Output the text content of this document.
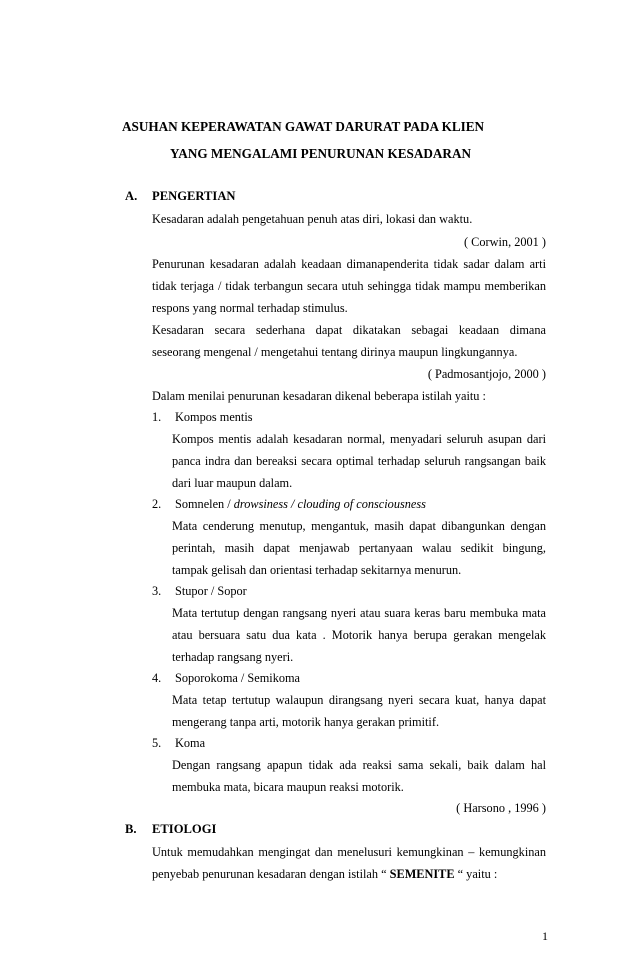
ASUHAN KEPERAWATAN GAWAT DARURAT PADA KLIEN
YANG MENGALAMI PENURUNAN KESADARAN
A. PENGERTIAN
Kesadaran adalah pengetahuan penuh atas diri, lokasi dan waktu.
( Corwin, 2001 )
Penurunan kesadaran adalah keadaan dimanapenderita tidak sadar dalam arti
tidak terjaga / tidak terbangun secara utuh sehingga tidak mampu memberikan
respons yang normal terhadap stimulus.
Kesadaran secara sederhana dapat dikatakan sebagai keadaan dimana
seseorang mengenal / mengetahui tentang dirinya maupun lingkungannya.
( Padmosantjojo, 2000 )
Dalam menilai penurunan kesadaran dikenal beberapa istilah yaitu :
1. Kompos mentis
Kompos mentis adalah kesadaran normal, menyadari seluruh asupan dari
panca indra dan bereaksi secara optimal terhadap seluruh rangsangan baik
dari luar maupun dalam.
2. Somnelen / drowsiness / clouding of consciousness
Mata cenderung menutup, mengantuk, masih dapat dibangunkan dengan
perintah, masih dapat menjawab pertanyaan walau sedikit bingung,
tampak gelisah dan orientasi terhadap sekitarnya menurun.
3. Stupor / Sopor
Mata tertutup dengan rangsang nyeri atau suara keras baru membuka mata
atau bersuara satu dua kata . Motorik hanya berupa gerakan mengelak
terhadap rangsang nyeri.
4. Soporokoma / Semikoma
Mata tetap tertutup walaupun dirangsang nyeri secara kuat, hanya dapat
mengerang tanpa arti, motorik hanya gerakan primitif.
5. Koma
Dengan rangsang apapun tidak ada reaksi sama sekali, baik dalam hal
membuka mata, bicara maupun reaksi motorik.
( Harsono , 1996 )
B. ETIOLOGI
Untuk memudahkan mengingat dan menelusuri kemungkinan – kemungkinan
penyebab penurunan kesadaran dengan istilah “ SEMENITE “ yaitu :
1
